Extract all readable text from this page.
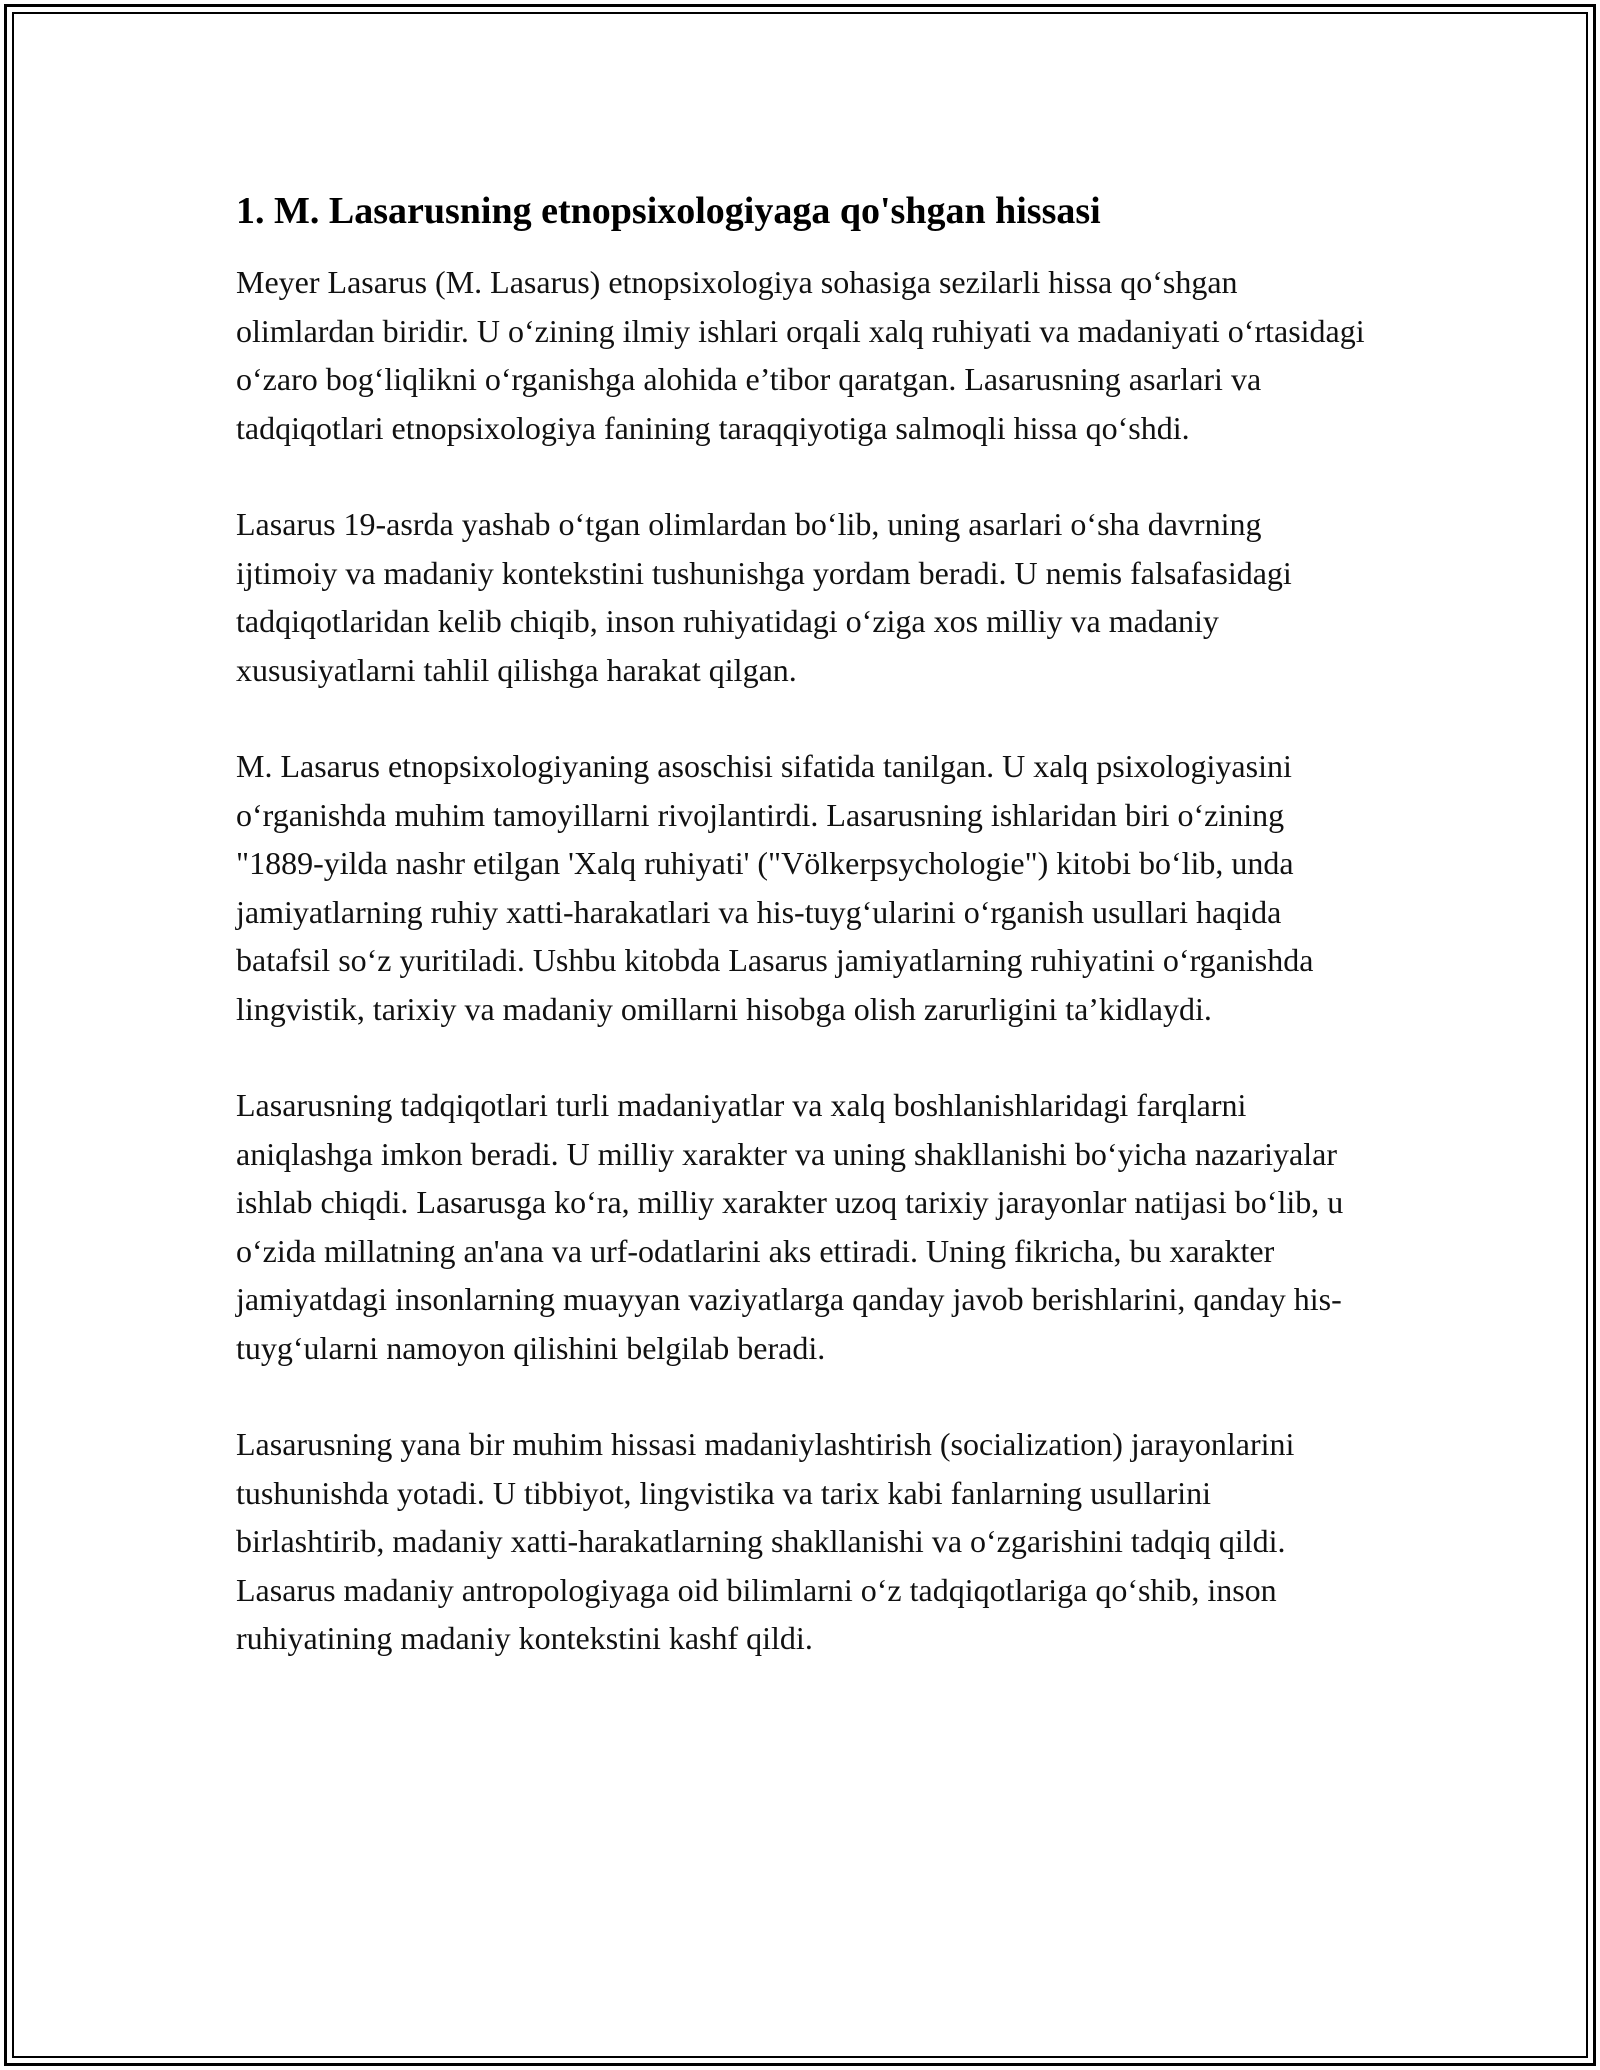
1. M. Lasarusning etnopsixologiyaga qo'shgan hissasi

Meyer Lasarus (M. Lasarus) etnopsixologiya sohasiga sezilarli hissa qo‘shgan olimlardan biridir. U o‘zining ilmiy ishlari orqali xalq ruhiyati va madaniyati o‘rtasidagi o‘zaro bog‘liqlikni o‘rganishga alohida e’tibor qaratgan. Lasarusning asarlari va tadqiqotlari etnopsixologiya fanining taraqqiyotiga salmoqli hissa qo‘shdi.

Lasarus 19-asrda yashab o‘tgan olimlardan bo‘lib, uning asarlari o‘sha davrning ijtimoiy va madaniy kontekstini tushunishga yordam beradi. U nemis falsafasidagi tadqiqotlaridan kelib chiqib, inson ruhiyatidagi o‘ziga xos milliy va madaniy xususiyatlarni tahlil qilishga harakat qilgan.

M. Lasarus etnopsixologiyaning asoschisi sifatida tanilgan. U xalq psixologiyasini o‘rganishda muhim tamoyillarni rivojlantirdi. Lasarusning ishlaridan biri o‘zining "1889-yilda nashr etilgan 'Xalq ruhiyati' ("Völkerpsychologie") kitobi bo‘lib, unda jamiyatlarning ruhiy xatti-harakatlari va his-tuyg‘ularini o‘rganish usullari haqida batafsil so‘z yuritiladi. Ushbu kitobda Lasarus jamiyatlarning ruhiyatini o‘rganishda lingvistik, tarixiy va madaniy omillarni hisobga olish zarurligini ta’kidlaydi.

Lasarusning tadqiqotlari turli madaniyatlar va xalq boshlanishlaridagi farqlarni aniqlashga imkon beradi. U milliy xarakter va uning shakllanishi bo‘yicha nazariyalar ishlab chiqdi. Lasarusga ko‘ra, milliy xarakter uzoq tarixiy jarayonlar natijasi bo‘lib, u o‘zida millatning an'ana va urf-odatlarini aks ettiradi. Uning fikricha, bu xarakter jamiyatdagi insonlarning muayyan vaziyatlarga qanday javob berishlarini, qanday his-tuyg‘ularni namoyon qilishini belgilab beradi.

Lasarusning yana bir muhim hissasi madaniylashtirish (socialization) jarayonlarini tushunishda yotadi. U tibbiyot, lingvistika va tarix kabi fanlarning usullarini birlashtirib, madaniy xatti-harakatlarning shakllanishi va o‘zgarishini tadqiq qildi. Lasarus madaniy antropologiyaga oid bilimlarni o‘z tadqiqotlariga qo‘shib, inson ruhiyatining madaniy kontekstini kashf qildi.
